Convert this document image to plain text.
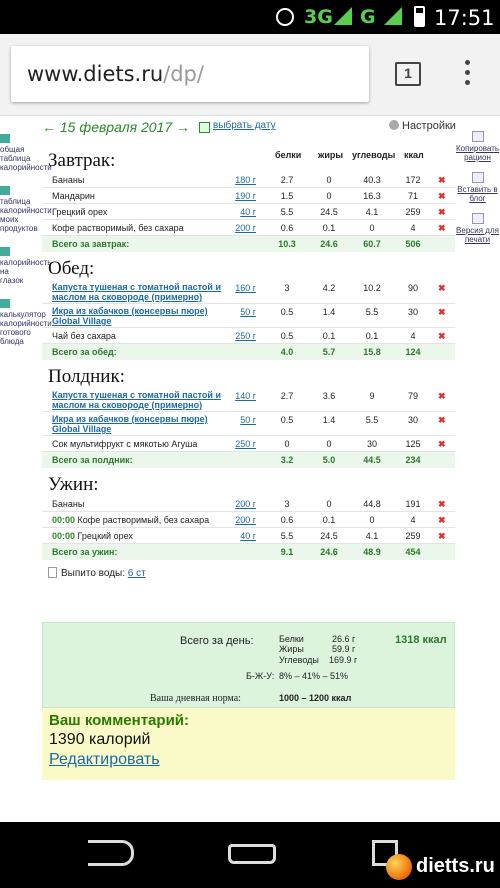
3G G	17:51
www.diets.ru/dp/	1
общая таблица калорийности
таблица калорийности моих продуктов
калорийность на глазок
калькулятор калорийности готового блюда
Копировать рацион
Вставить в блог
Версия для печати
← 15 февраля 2017 → выбрать дату	Настройки
белки жиры углеводы ккал
Завтрак:
Бананы	180 г	2.7	0	40.3	172	✖
Мандарин	190 г	1.5	0	16.3	71	✖
Грецкий орех	40 г	5.5	24.5	4.1	259	✖
Кофе растворимый, без сахара	200 г	0.6	0.1	0	4	✖
Всего за завтрак:	10.3	24.6	60.7	506
Обед:
Капуста тушеная с томатной пастой и маслом на сковороде (примерно)
160 г	3	4.2	10.2	90	✖
Икра из кабачков (консервы пюре) Global Village
50 г	0.5	1.4	5.5	30	✖
Чай без сахара	250 г	0.5	0.1	0.1	4	✖
Всего за обед:	4.0	5.7	15.8	124
Полдник:
Капуста тушеная с томатной пастой и маслом на сковороде (примерно)
140 г	2.7	3.6	9	79	✖
Икра из кабачков (консервы пюре) Global Village
50 г	0.5	1.4	5.5	30	✖
Сок мультифрукт с мякотью Агуша	250 г	0	0	30	125	✖
Всего за полдник:	3.2	5.0	44.5	234
Ужин:
Бананы	200 г	3	0	44.8	191	✖
00:00 Кофе растворимый, без сахара	200 г	0.6	0.1	0	4	✖
00:00 Грецкий орех	40 г	5.5	24.5	4.1	259	✖
Всего за ужин:	9.1	24.6	48.9	454
Выпито воды: 6 ст
Всего за день:	Белки	26.6 г
Жиры	59.9 г
Углеводы 169.9 г
1318 ккал
Б-Ж-У: 8% – 41% – 51%
Ваша дневная норма:	1000 – 1200 ккал
Ваш комментарий:
1390 калорий
Редактировать
dietts.ru
